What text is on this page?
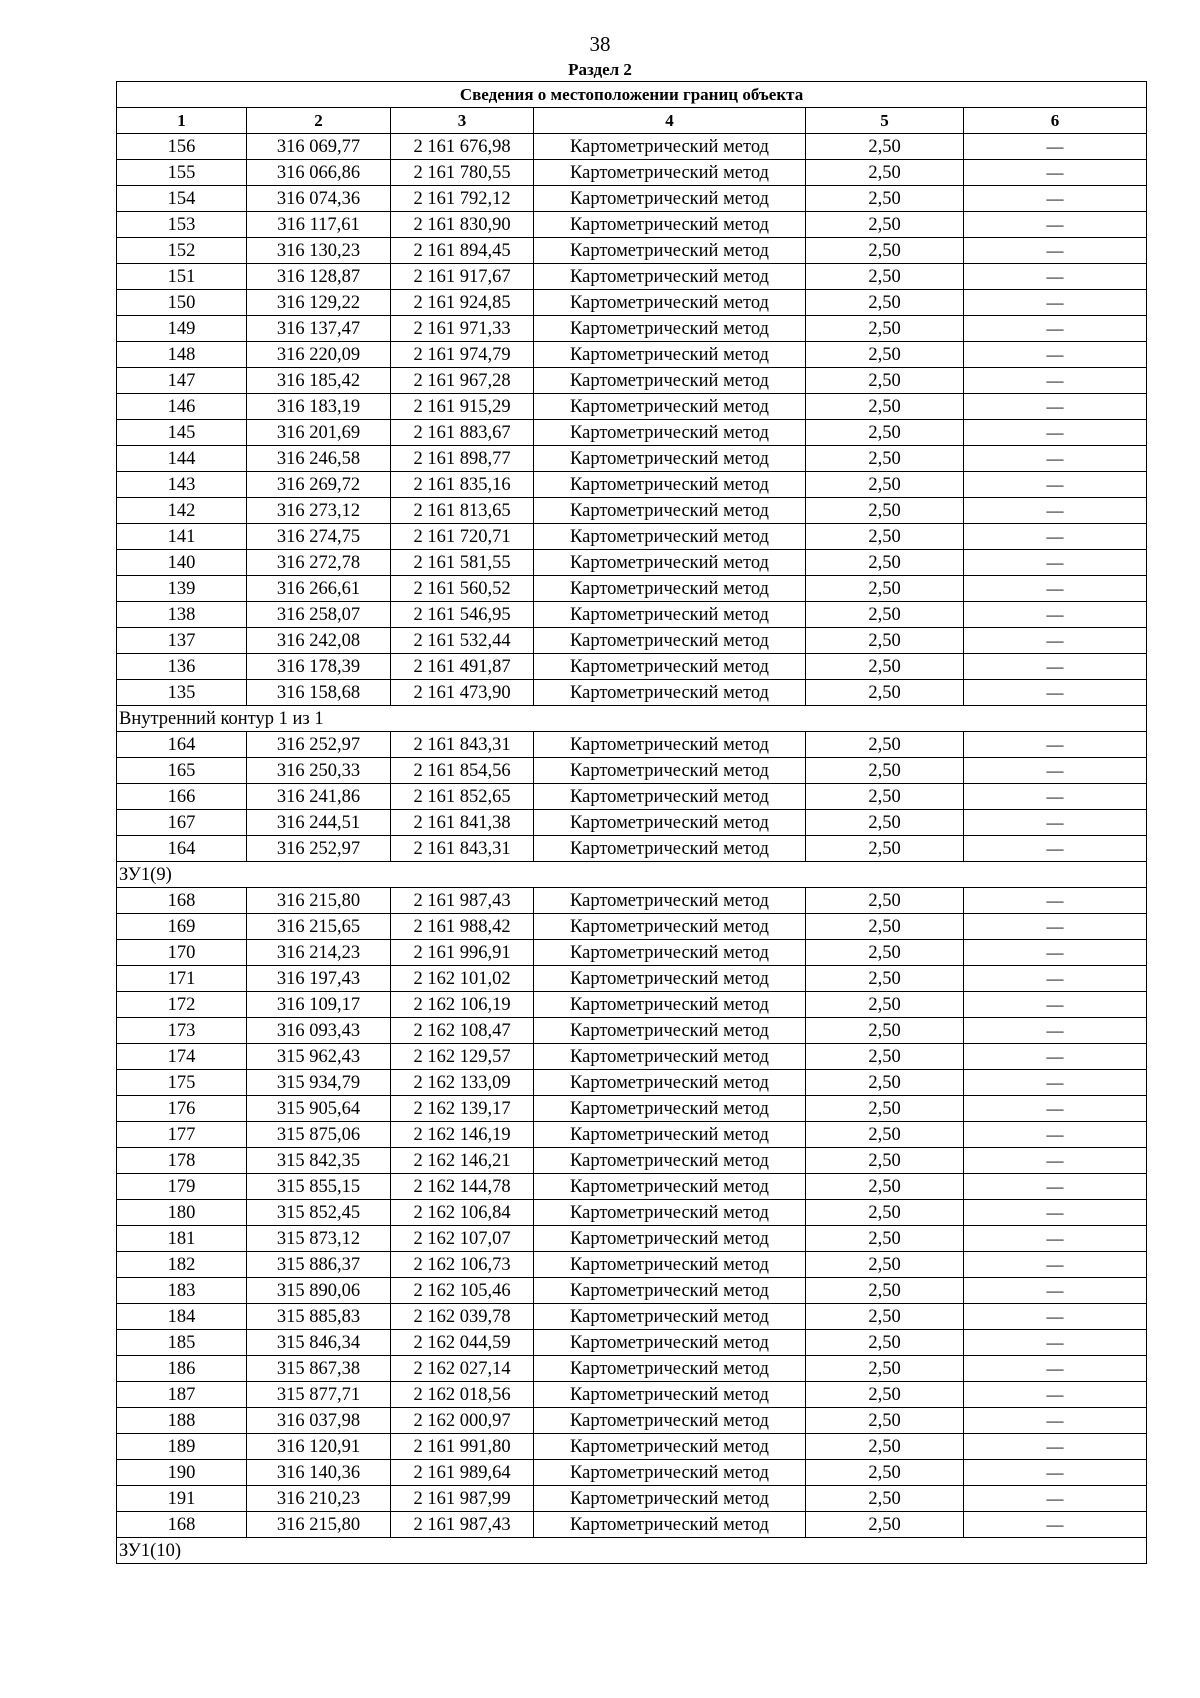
38
Раздел 2
Сведения о местоположении границ объекта					
1	2	3	4	5	6
156	316 069,77	2 161 676,98	Картометрический метод	2,50	—
155	316 066,86	2 161 780,55	Картометрический метод	2,50	—
154	316 074,36	2 161 792,12	Картометрический метод	2,50	—
153	316 117,61	2 161 830,90	Картометрический метод	2,50	—
152	316 130,23	2 161 894,45	Картометрический метод	2,50	—
151	316 128,87	2 161 917,67	Картометрический метод	2,50	—
150	316 129,22	2 161 924,85	Картометрический метод	2,50	—
149	316 137,47	2 161 971,33	Картометрический метод	2,50	—
148	316 220,09	2 161 974,79	Картометрический метод	2,50	—
147	316 185,42	2 161 967,28	Картометрический метод	2,50	—
146	316 183,19	2 161 915,29	Картометрический метод	2,50	—
145	316 201,69	2 161 883,67	Картометрический метод	2,50	—
144	316 246,58	2 161 898,77	Картометрический метод	2,50	—
143	316 269,72	2 161 835,16	Картометрический метод	2,50	—
142	316 273,12	2 161 813,65	Картометрический метод	2,50	—
141	316 274,75	2 161 720,71	Картометрический метод	2,50	—
140	316 272,78	2 161 581,55	Картометрический метод	2,50	—
139	316 266,61	2 161 560,52	Картометрический метод	2,50	—
138	316 258,07	2 161 546,95	Картометрический метод	2,50	—
137	316 242,08	2 161 532,44	Картометрический метод	2,50	—
136	316 178,39	2 161 491,87	Картометрический метод	2,50	—
135	316 158,68	2 161 473,90	Картометрический метод	2,50	—
Внутренний контур 1 из 1					
164	316 252,97	2 161 843,31	Картометрический метод	2,50	—
165	316 250,33	2 161 854,56	Картометрический метод	2,50	—
166	316 241,86	2 161 852,65	Картометрический метод	2,50	—
167	316 244,51	2 161 841,38	Картометрический метод	2,50	—
164	316 252,97	2 161 843,31	Картометрический метод	2,50	—
ЗУ1(9)					
168	316 215,80	2 161 987,43	Картометрический метод	2,50	—
169	316 215,65	2 161 988,42	Картометрический метод	2,50	—
170	316 214,23	2 161 996,91	Картометрический метод	2,50	—
171	316 197,43	2 162 101,02	Картометрический метод	2,50	—
172	316 109,17	2 162 106,19	Картометрический метод	2,50	—
173	316 093,43	2 162 108,47	Картометрический метод	2,50	—
174	315 962,43	2 162 129,57	Картометрический метод	2,50	—
175	315 934,79	2 162 133,09	Картометрический метод	2,50	—
176	315 905,64	2 162 139,17	Картометрический метод	2,50	—
177	315 875,06	2 162 146,19	Картометрический метод	2,50	—
178	315 842,35	2 162 146,21	Картометрический метод	2,50	—
179	315 855,15	2 162 144,78	Картометрический метод	2,50	—
180	315 852,45	2 162 106,84	Картометрический метод	2,50	—
181	315 873,12	2 162 107,07	Картометрический метод	2,50	—
182	315 886,37	2 162 106,73	Картометрический метод	2,50	—
183	315 890,06	2 162 105,46	Картометрический метод	2,50	—
184	315 885,83	2 162 039,78	Картометрический метод	2,50	—
185	315 846,34	2 162 044,59	Картометрический метод	2,50	—
186	315 867,38	2 162 027,14	Картометрический метод	2,50	—
187	315 877,71	2 162 018,56	Картометрический метод	2,50	—
188	316 037,98	2 162 000,97	Картометрический метод	2,50	—
189	316 120,91	2 161 991,80	Картометрический метод	2,50	—
190	316 140,36	2 161 989,64	Картометрический метод	2,50	—
191	316 210,23	2 161 987,99	Картометрический метод	2,50	—
168	316 215,80	2 161 987,43	Картометрический метод	2,50	—
ЗУ1(10)					
